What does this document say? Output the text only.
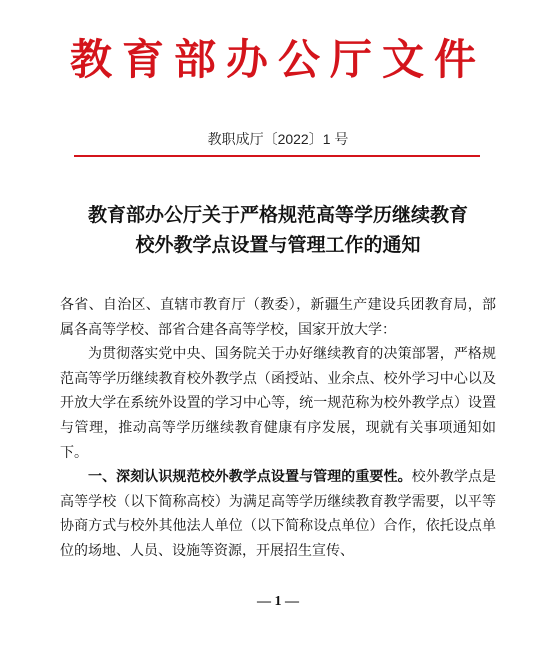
教育部办公厅文件
教职成厅〔2022〕1 号
教育部办公厅关于严格规范高等学历继续教育
校外教学点设置与管理工作的通知

各省、自治区、直辖市教育厅（教委），新疆生产建设兵团教育局，部属各高等学校、部省合建各高等学校，国家开放大学：

为贯彻落实党中央、国务院关于办好继续教育的决策部署，严格规范高等学历继续教育校外教学点（函授站、业余点、校外学习中心以及开放大学在系统外设置的学习中心等，统一规范称为校外教学点）设置与管理，推动高等学历继续教育健康有序发展，现就有关事项通知如下。

一、深刻认识规范校外教学点设置与管理的重要性。校外教学点是高等学校（以下简称高校）为满足高等学历继续教育教学需要，以平等协商方式与校外其他法人单位（以下简称设点单位）合作，依托设点单位的场地、人员、设施等资源，开展招生宣传、

— 1 —
